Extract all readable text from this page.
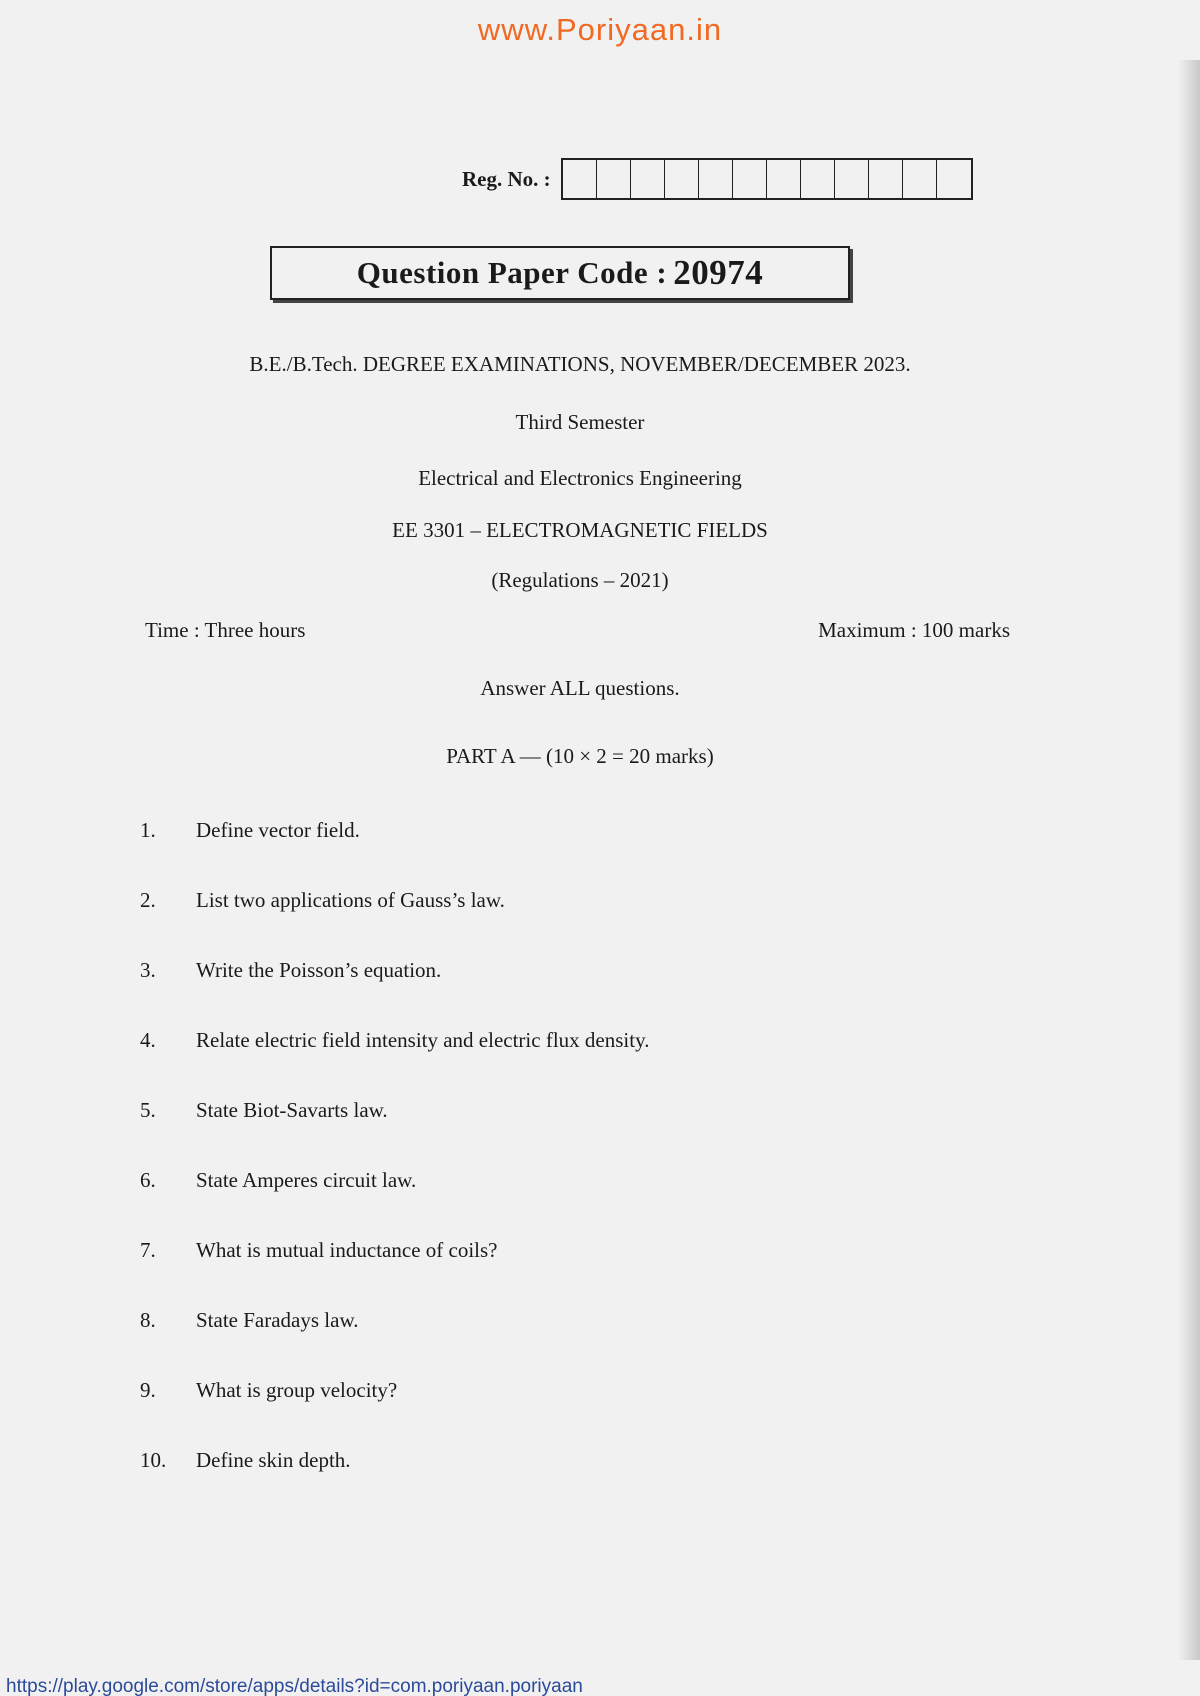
www.Poriyaan.in
Reg. No. :
Question Paper Code : 20974
B.E./B.Tech. DEGREE EXAMINATIONS, NOVEMBER/DECEMBER 2023.
Third Semester
Electrical and Electronics Engineering
EE 3301 – ELECTROMAGNETIC FIELDS
(Regulations – 2021)
Time : Three hours	Maximum : 100 marks
Answer ALL questions.
PART A — (10 × 2 = 20 marks)
1.	Define vector field.
2.	List two applications of Gauss’s law.
3.	Write the Poisson’s equation.
4.	Relate electric field intensity and electric flux density.
5.	State Biot-Savarts law.
6.	State Amperes circuit law.
7.	What is mutual inductance of coils?
8.	State Faradays law.
9.	What is group velocity?
10.	Define skin depth.
https://play.google.com/store/apps/details?id=com.poriyaan.poriyaan
